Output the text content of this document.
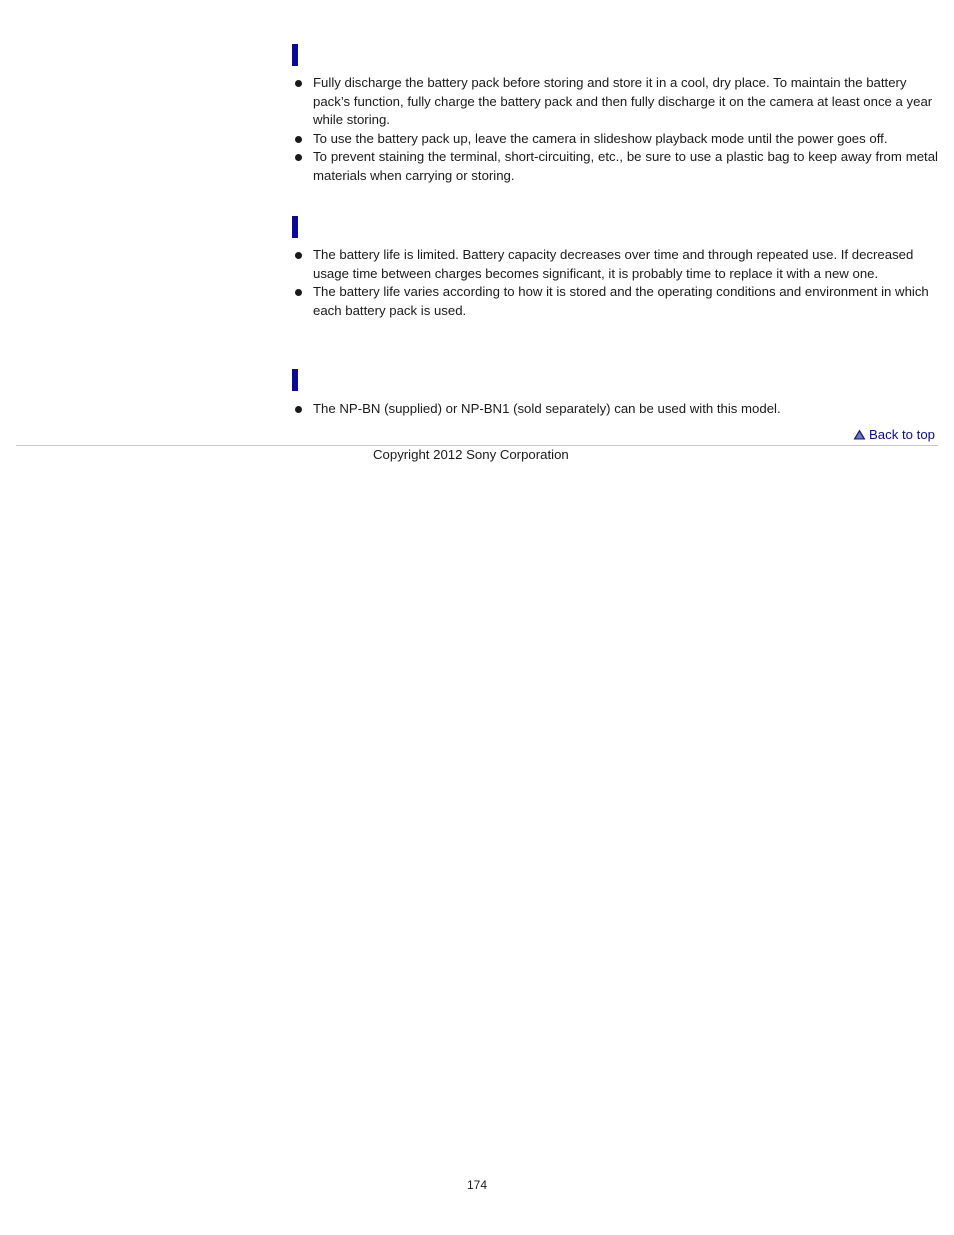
Fully discharge the battery pack before storing and store it in a cool, dry place. To maintain the battery pack’s function, fully charge the battery pack and then fully discharge it on the camera at least once a year while storing.
To use the battery pack up, leave the camera in slideshow playback mode until the power goes off.
To prevent staining the terminal, short-circuiting, etc., be sure to use a plastic bag to keep away from metal materials when carrying or storing.
The battery life is limited. Battery capacity decreases over time and through repeated use. If decreased usage time between charges becomes significant, it is probably time to replace it with a new one.
The battery life varies according to how it is stored and the operating conditions and environment in which each battery pack is used.
The NP-BN (supplied) or NP-BN1 (sold separately) can be used with this model.
Back to top
Copyright 2012 Sony Corporation
174
